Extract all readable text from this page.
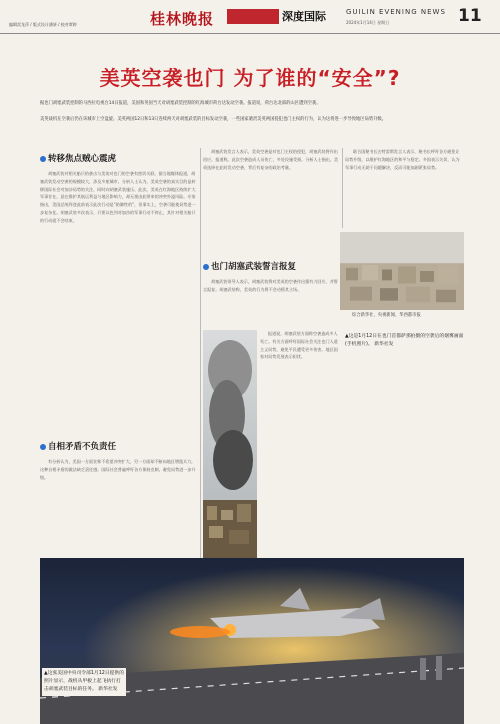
编辑雷龙萍 / 版式设计潘妍 / 校对覃婷	桂林晚报
	深度国际	GUILIN EVENING NEWS
2024年1月14日 星期日	11
美英空袭也门 为了谁的“安全”?
据也门胡塞武装控制的马西拉电视台14日报道，美国和英国当天对胡塞武装控制的红海城市荷台达发动空袭。报道说，荷台达北部的山区遭到空袭。
美英战机在空袭后仍在该城市上空盘旋。美英两国12日和13日连续两天对胡塞武装的目标发动空袭，一些国家谴责美英两国侵犯也门主权的行为，认为这将进一步导致地区局势升级。
转移焦点贼心震虎
胡塞武装对相关船只的袭击与美英对也门的空袭有密切关联。据当地媒体报道，胡塞武装发动空袭的规模较大，涉及多座城市。分析人士认为，美英空袭的真实目的是转移国际社会对加沙局势的关注，同时向胡塞武装施压。此次，美英在红海地区持续扩大军事存在，意在维护其航运利益与地区影响力，却无视由此带来的冲突外溢风险。专家指出，美国总统拜登此前表示此次行动是“防御性的”，但事实上，空袭可能使局势进一步复杂化。胡塞武装多次表示，只要以色列对加沙的军事行动不停止，其针对相关船只的行动就不会结束。
自相矛盾不负责任
有分析认为，美国一方面宣称不希望冲突扩大，另一方面却不断向地区增派兵力，这种自相矛盾的做法缺乏责任感。国际社会普遍呼吁各方保持克制，避免局势进一步升级。
胡塞武装发言人表示，美英空袭是对也门主权的侵犯，胡塞武装将作出回应。报道称，此次空袭造成人员伤亡，多处设施受损。分析人士指出，美英选择在此时发动空袭，背后有复杂的政治考量。
联合国秘书长古特雷斯发言人表示，秘书长呼吁各方避免让局势升级，以维护红海地区的和平与稳定。多国表示关切，认为军事行动无助于问题解决，反而可能加剧紧张局势。
也门胡塞武装誓言报复
胡塞武装领导人表示，胡塞武装将对美英的空袭作出强有力回应，并誓言报复。胡塞武装称，美英的行为将不会动摇其立场。
报道说，胡塞武装方面称空袭造成多人死亡。有关方面呼吁国际社会关注也门人道主义局势，避免平民遭受更多伤害。地区国家对局势发展表示担忧。
综合新华社、央视新闻、华西都市报
▲这是1月12日在也门首都萨那拍摄的空袭后的烟雾画面(手机照片)。 新华社发
▲这张美国中央司令部1月12日提供的照片显示，战机从甲板上起飞执行打击胡塞武装目标的任务。 新华社发
